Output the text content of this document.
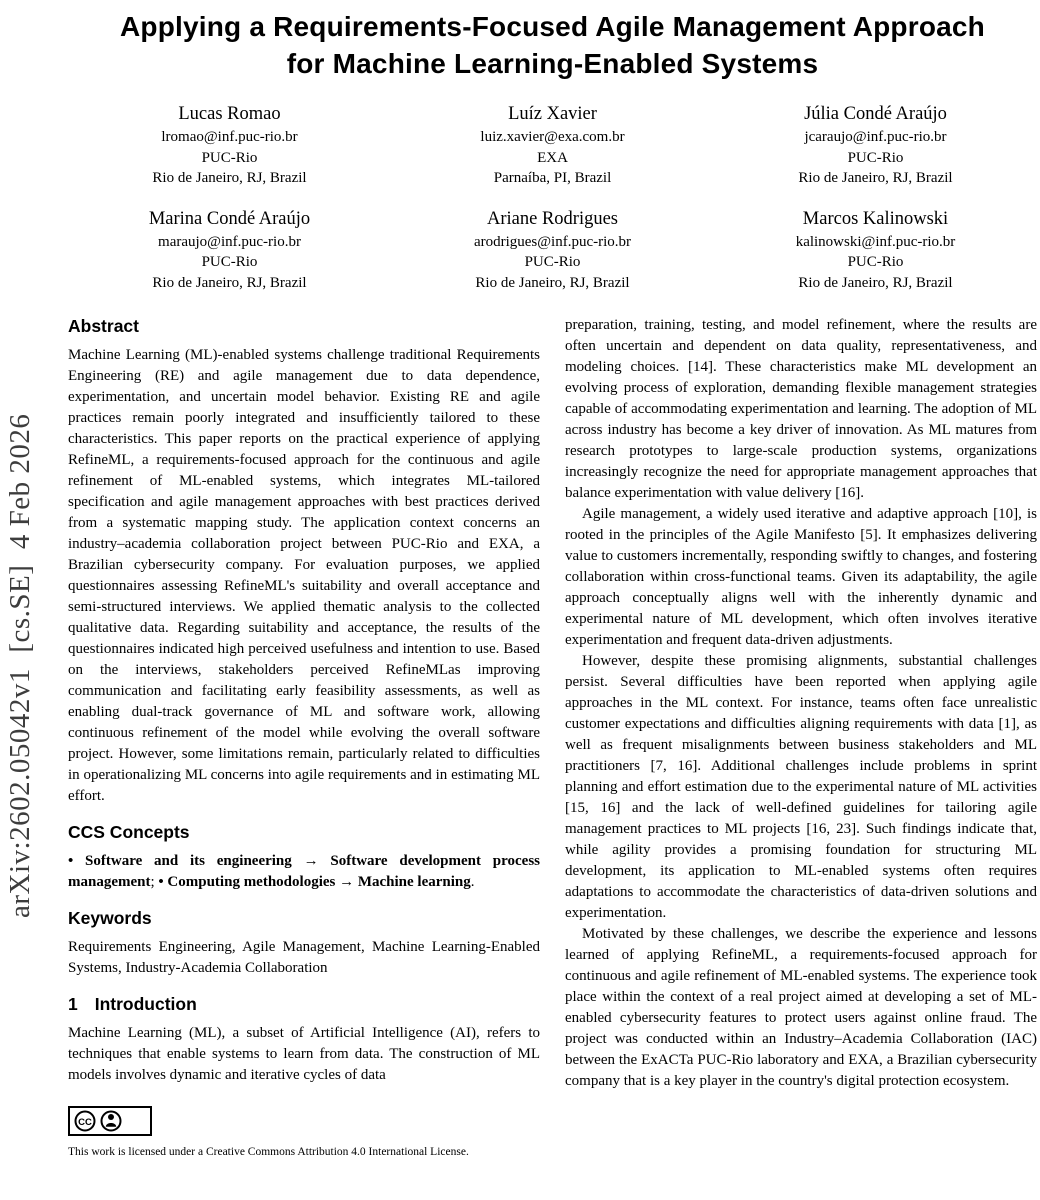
arXiv:2602.05042v1  [cs.SE]  4 Feb 2026
Applying a Requirements-Focused Agile Management Approach
for Machine Learning-Enabled Systems
Lucas Romao
lromao@inf.puc-rio.br
PUC-Rio
Rio de Janeiro, RJ, Brazil
Luíz Xavier
luiz.xavier@exa.com.br
EXA
Parnaíba, PI, Brazil
Júlia Condé Araújo
jcaraujo@inf.puc-rio.br
PUC-Rio
Rio de Janeiro, RJ, Brazil
Marina Condé Araújo
maraujo@inf.puc-rio.br
PUC-Rio
Rio de Janeiro, RJ, Brazil
Ariane Rodrigues
arodrigues@inf.puc-rio.br
PUC-Rio
Rio de Janeiro, RJ, Brazil
Marcos Kalinowski
kalinowski@inf.puc-rio.br
PUC-Rio
Rio de Janeiro, RJ, Brazil
Abstract

Machine Learning (ML)-enabled systems challenge traditional Requirements Engineering (RE) and agile management due to data dependence, experimentation, and uncertain model behavior. Existing RE and agile practices remain poorly integrated and insufficiently tailored to these characteristics. This paper reports on the practical experience of applying RefineML, a requirements-focused approach for the continuous and agile refinement of ML-enabled systems, which integrates ML-tailored specification and agile management approaches with best practices derived from a systematic mapping study. The application context concerns an industry–academia collaboration project between PUC-Rio and EXA, a Brazilian cybersecurity company. For evaluation purposes, we applied questionnaires assessing RefineML's suitability and overall acceptance and semi-structured interviews. We applied thematic analysis to the collected qualitative data. Regarding suitability and acceptance, the results of the questionnaires indicated high perceived usefulness and intention to use. Based on the interviews, stakeholders perceived RefineMLas improving communication and facilitating early feasibility assessments, as well as enabling dual-track governance of ML and software work, allowing continuous refinement of the model while evolving the overall software project. However, some limitations remain, particularly related to difficulties in operationalizing ML concerns into agile requirements and in estimating ML effort.

CCS Concepts

• Software and its engineering → Software development process management; • Computing methodologies → Machine learning.

Keywords

Requirements Engineering, Agile Management, Machine Learning-Enabled Systems, Industry-Academia Collaboration

1 Introduction

Machine Learning (ML), a subset of Artificial Intelligence (AI), refers to techniques that enable systems to learn from data. The construction of ML models involves dynamic and iterative cycles of data

CC
This work is licensed under a Creative Commons Attribution 4.0 International License.

preparation, training, testing, and model refinement, where the results are often uncertain and dependent on data quality, representativeness, and modeling choices. [14]. These characteristics make ML development an evolving process of exploration, demanding flexible management strategies capable of accommodating experimentation and learning. The adoption of ML across industry has become a key driver of innovation. As ML matures from research prototypes to large-scale production systems, organizations increasingly recognize the need for appropriate management approaches that balance experimentation with value delivery [16].

Agile management, a widely used iterative and adaptive approach [10], is rooted in the principles of the Agile Manifesto [5]. It emphasizes delivering value to customers incrementally, responding swiftly to changes, and fostering collaboration within cross-functional teams. Given its adaptability, the agile approach conceptually aligns well with the inherently dynamic and experimental nature of ML development, which often involves iterative experimentation and frequent data-driven adjustments.

However, despite these promising alignments, substantial challenges persist. Several difficulties have been reported when applying agile approaches in the ML context. For instance, teams often face unrealistic customer expectations and difficulties aligning requirements with data [1], as well as frequent misalignments between business stakeholders and ML practitioners [7, 16]. Additional challenges include problems in sprint planning and effort estimation due to the experimental nature of ML activities [15, 16] and the lack of well-defined guidelines for tailoring agile management practices to ML projects [16, 23]. Such findings indicate that, while agility provides a promising foundation for structuring ML development, its application to ML-enabled systems often requires adaptations to accommodate the characteristics of data-driven solutions and experimentation.

Motivated by these challenges, we describe the experience and lessons learned of applying RefineML, a requirements-focused approach for continuous and agile refinement of ML-enabled systems. The experience took place within the context of a real project aimed at developing a set of ML-enabled cybersecurity features to protect users against online fraud. The project was conducted within an Industry–Academia Collaboration (IAC) between the ExACTa PUC-Rio laboratory and EXA, a Brazilian cybersecurity company that is a key player in the country's digital protection ecosystem.
